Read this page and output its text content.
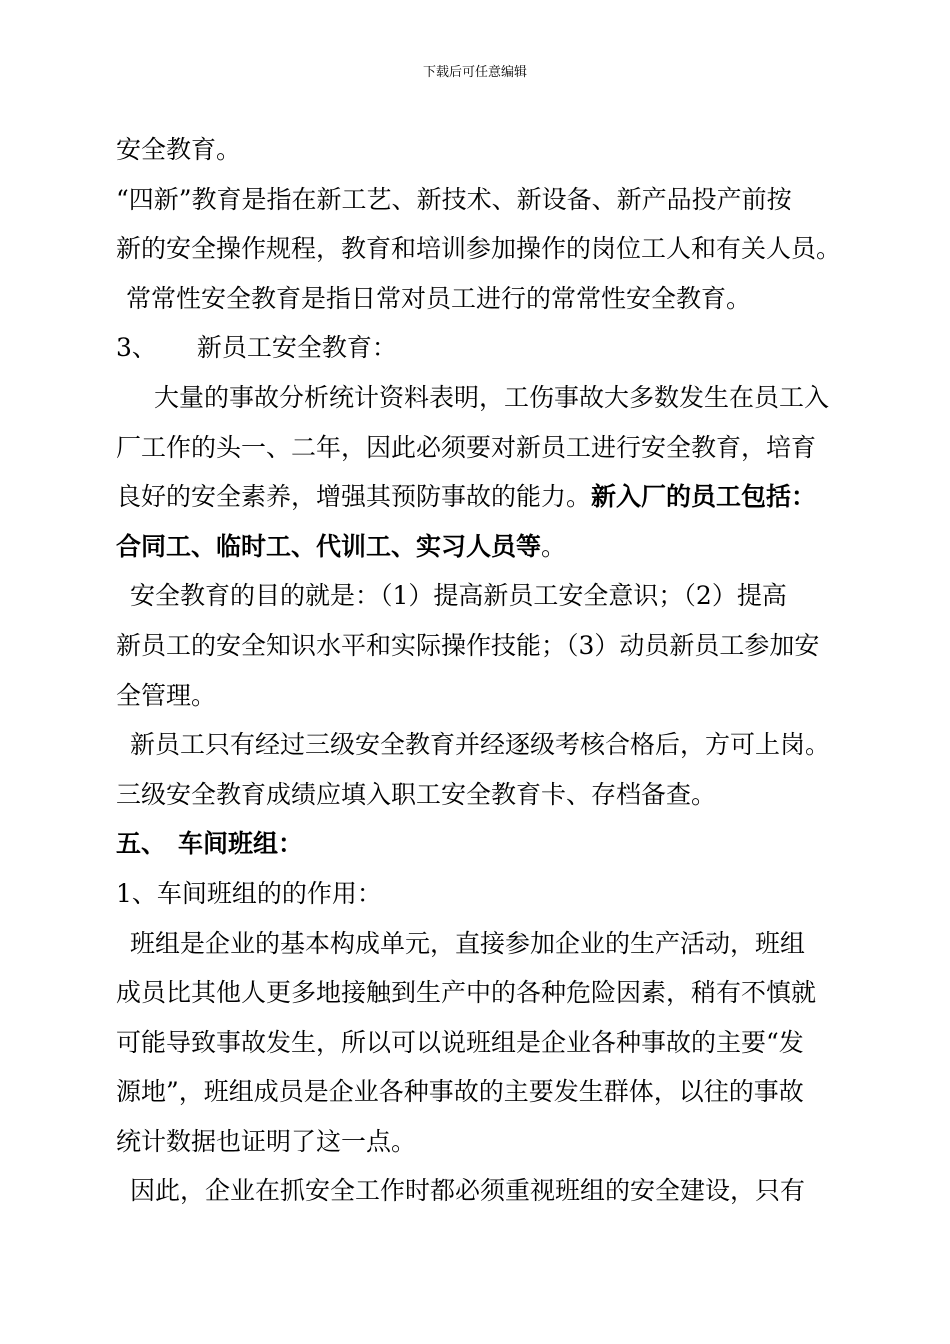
下载后可任意编辑
安全教育。
“四新”教育是指在新工艺、新技术、新设备、新产品投产前按
新的安全操作规程，教育和培训参加操作的岗位工人和有关人员。
常常性安全教育是指日常对员工进行的常常性安全教育。
3、 新员工安全教育：
大量的事故分析统计资料表明，工伤事故大多数发生在员工入
厂工作的头一、二年，因此必须要对新员工进行安全教育，培育
良好的安全素养，增强其预防事故的能力。新入厂的员工包括：
合同工、临时工、代训工、实习人员等。
安全教育的目的就是：（1）提高新员工安全意识；（2）提高
新员工的安全知识水平和实际操作技能；（3）动员新员工参加安
全管理。
新员工只有经过三级安全教育并经逐级考核合格后，方可上岗。
三级安全教育成绩应填入职工安全教育卡、存档备查。
五、 车间班组：
1、车间班组的的作用：
班组是企业的基本构成单元，直接参加企业的生产活动，班组
成员比其他人更多地接触到生产中的各种危险因素，稍有不慎就
可能导致事故发生，所以可以说班组是企业各种事故的主要“发
源地”，班组成员是企业各种事故的主要发生群体，以往的事故
统计数据也证明了这一点。
因此，企业在抓安全工作时都必须重视班组的安全建设，只有
